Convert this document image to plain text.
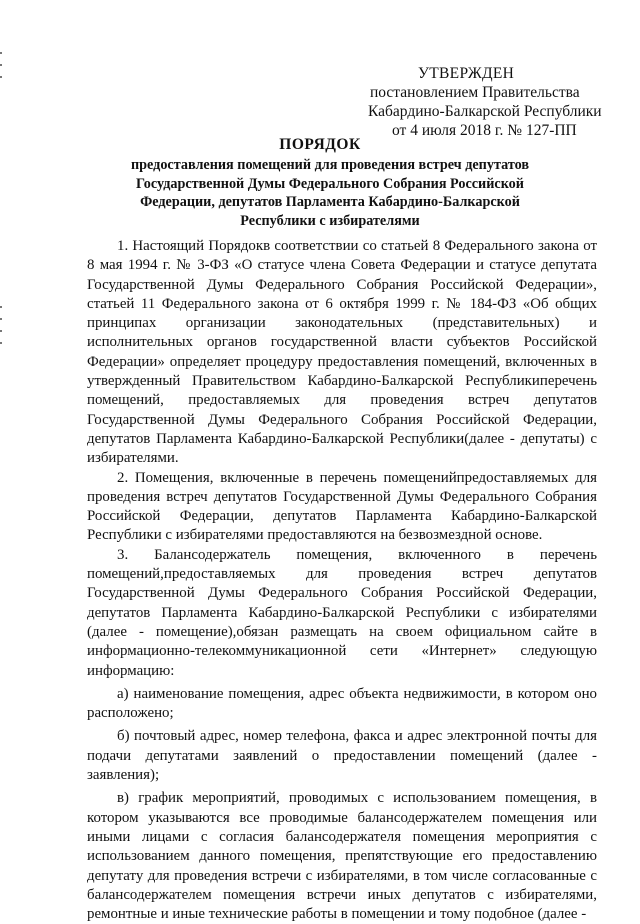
УТВЕРЖДЕН
постановлением Правительства
Кабардино-Балкарской Республики
от 4 июля 2018 г. № 127-ПП
ПОРЯДОК
предоставления помещений для проведения встреч депутатов Государственной Думы Федерального Собрания Российской Федерации, депутатов Парламента Кабардино-Балкарской Республики с избирателями

1. Настоящий Порядокв соответствии со статьей 8 Федерального закона от 8 мая 1994 г. № 3-ФЗ «О статусе члена Совета Федерации и статусе депутата Государственной Думы Федерального Собрания Российской Федерации», статьей 11 Федерального закона от 6 октября 1999 г. № 184-ФЗ «Об общих принципах организации законодательных (представительных) и исполнительных органов государственной власти субъектов Российской Федерации» определяет процедуру предоставления помещений, включенных в утвержденный Правительством Кабардино-Балкарской Республикиперечень помещений, предоставляемых для проведения встреч депутатов Государственной Думы Федерального Собрания Российской Федерации, депутатов Парламента Кабардино-Балкарской Республики(далее - депутаты) с избирателями.

2. Помещения, включенные в перечень помещенийпредоставляемых для проведения встреч депутатов Государственной Думы Федерального Собрания Российской Федерации, депутатов Парламента Кабардино-Балкарской Республики с избирателями предоставляются на безвозмездной основе.

3. Балансодержатель помещения, включенного в перечень помещений,предоставляемых для проведения встреч депутатов Государственной Думы Федерального Собрания Российской Федерации, депутатов Парламента Кабардино-Балкарской Республики с избирателями (далее - помещение),обязан размещать на своем официальном сайте в информационно-телекоммуникационной сети «Интернет» следующую информацию:

а) наименование помещения, адрес объекта недвижимости, в котором оно расположено;

б) почтовый адрес, номер телефона, факса и адрес электронной почты для подачи депутатами заявлений о предоставлении помещений (далее - заявления);

в) график мероприятий, проводимых с использованием помещения, в котором указываются все проводимые балансодержателем помещения или иными лицами с согласия балансодержателя помещения мероприятия с использованием данного помещения, препятствующие его предоставлению депутату для проведения встречи с избирателями, в том числе согласованные с балансодержателем помещения встречи иных депутатов с избирателями, ремонтные и иные технические работы в помещении и тому подобное (далее -
